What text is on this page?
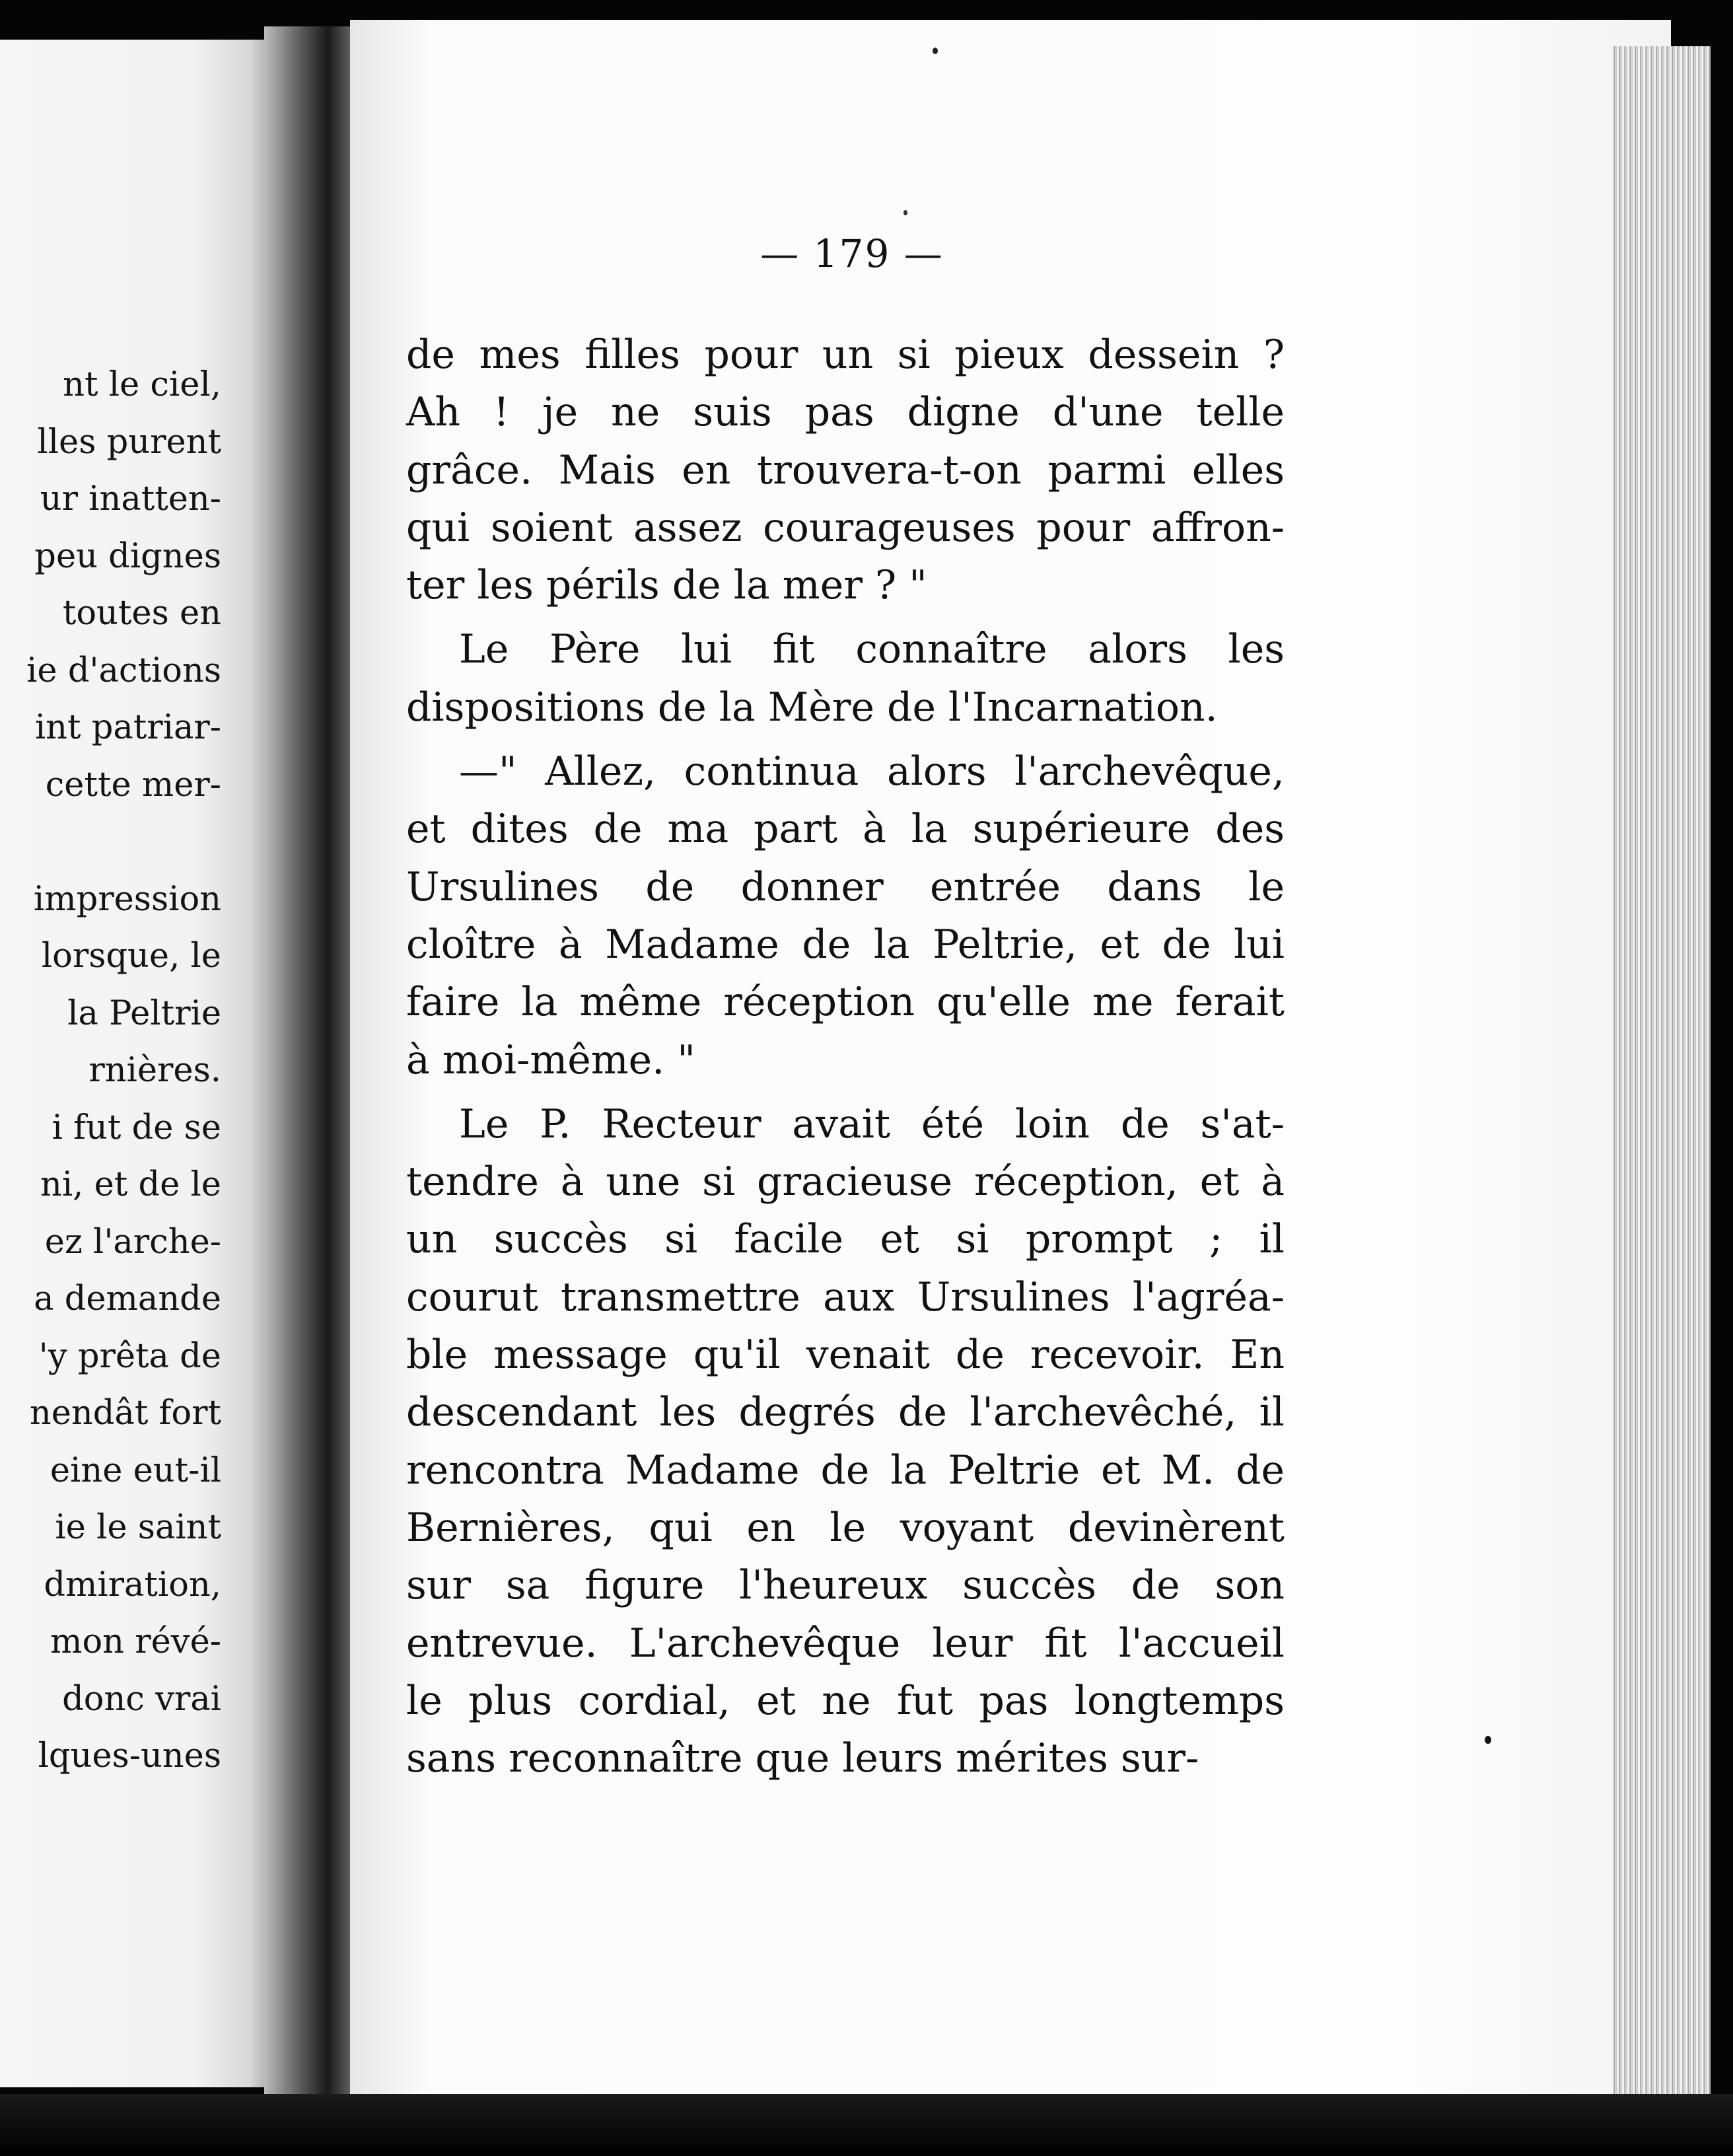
nt le ciel,
lles purent
ur inatten-
peu dignes
toutes en
ie d'actions
int patriar-
cette mer-
impression
lorsque, le
la Peltrie
rnières.
i fut de se
ni, et de le
ez l'arche-
a demande
'y prêta de
nendât fort
eine eut-il
ie le saint
dmiration,
mon révé-
donc vrai
lques-unes
— 179 —
de mes filles pour un si pieux dessein ?
Ah ! je ne suis pas digne d'une telle
grâce. Mais en trouvera-t-on parmi elles
qui soient assez courageuses pour affron-
ter les périls de la mer ? "
Le Père lui fit connaître alors les
dispositions de la Mère de l'Incarnation.
—" Allez, continua alors l'archevêque,
et dites de ma part à la supérieure des
Ursulines de donner entrée dans le
cloître à Madame de la Peltrie, et de lui
faire la même réception qu'elle me ferait
à moi-même. "
Le P. Recteur avait été loin de s'at-
tendre à une si gracieuse réception, et à
un succès si facile et si prompt ; il
courut transmettre aux Ursulines l'agréa-
ble message qu'il venait de recevoir. En
descendant les degrés de l'archevêché, il
rencontra Madame de la Peltrie et M. de
Bernières, qui en le voyant devinèrent
sur sa figure l'heureux succès de son
entrevue. L'archevêque leur fit l'accueil
le plus cordial, et ne fut pas longtemps
sans reconnaître que leurs mérites sur-
